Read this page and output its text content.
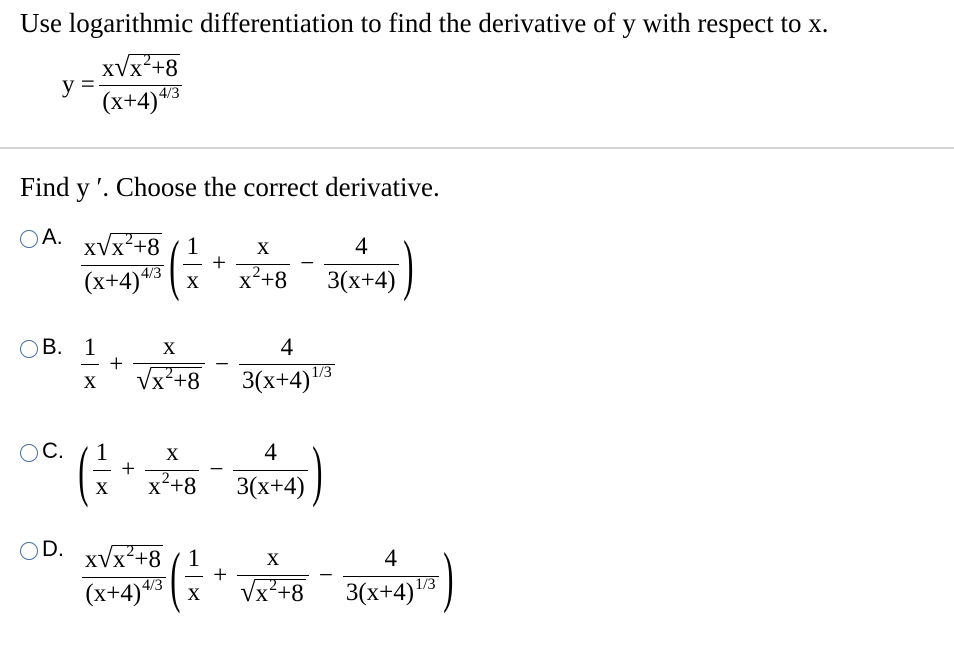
Use logarithmic differentiation to find the derivative of y with respect to x.
$y = \frac{x√x^2+8}{(x+4)^{4/3}}$
Find y ′. Choose the correct derivative.
A. $\frac{x√x^2+8}{(x+4)^{4/3}}$ ( $\frac{1}{x} + \frac{x}{x^2+8} - \frac{4}{3(x+4)}$ )
B. $\frac{1}{x} + \frac{x}{√x^2+8} - \frac{4}{3(x+4)^{1/3}}$
C. ( $\frac{1}{x} + \frac{x}{x^2+8} - \frac{4}{3(x+4)}$ )
D. $\frac{x√x^2+8}{(x+4)^{4/3}}$ ( $\frac{1}{x} + \frac{x}{√x^2+8} - \frac{4}{3(x+4)^{1/3}}$ )
